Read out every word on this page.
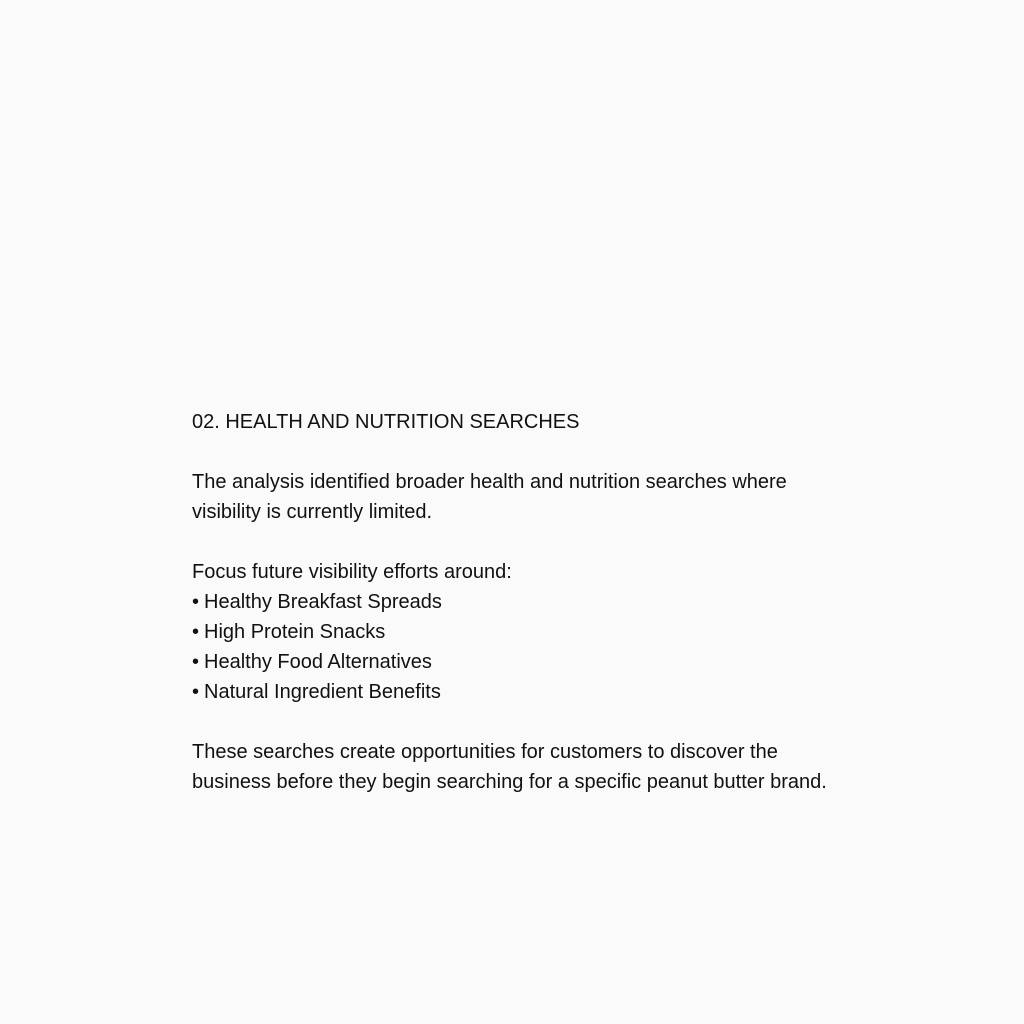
02. HEALTH AND NUTRITION SEARCHES

The analysis identified broader health and nutrition searches where visibility is currently limited.

Focus future visibility efforts around:

• Healthy Breakfast Spreads
• High Protein Snacks
• Healthy Food Alternatives
• Natural Ingredient Benefits

These searches create opportunities for customers to discover the business before they begin searching for a specific peanut butter brand.
